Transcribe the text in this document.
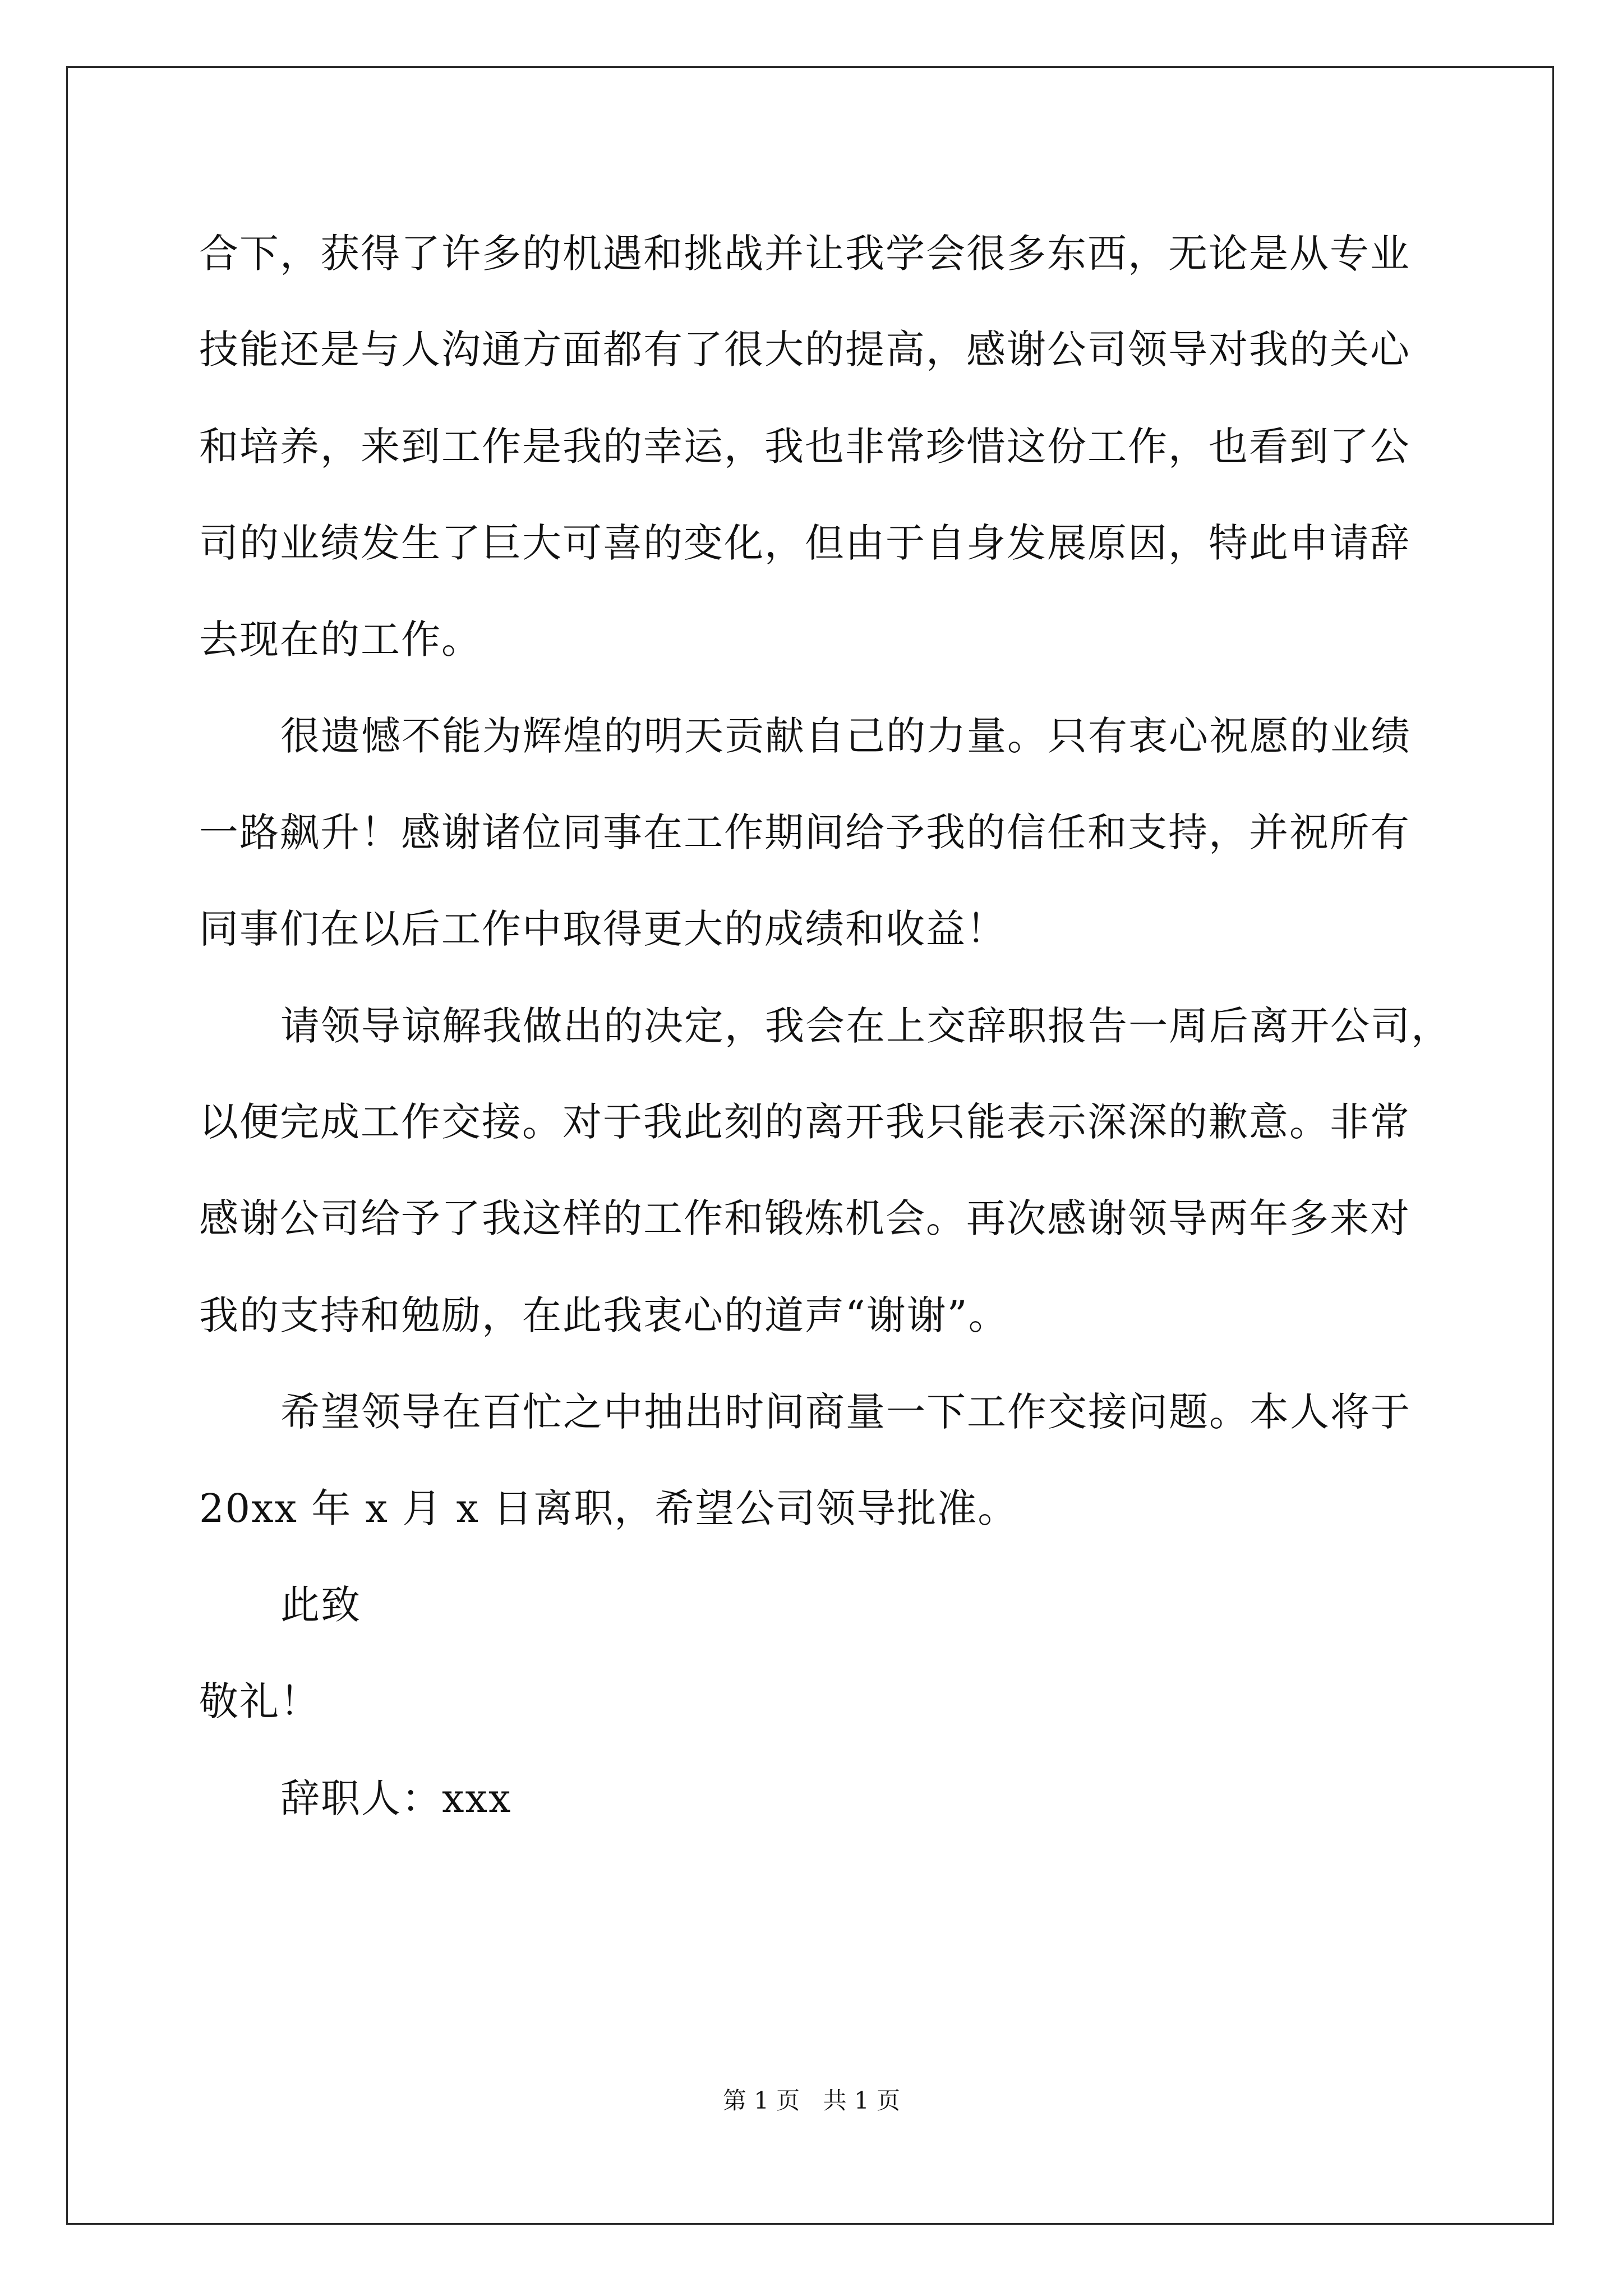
合下，获得了许多的机遇和挑战并让我学会很多东西，无论是从专业
技能还是与人沟通方面都有了很大的提高，感谢公司领导对我的关心
和培养，来到工作是我的幸运，我也非常珍惜这份工作，也看到了公
司的业绩发生了巨大可喜的变化，但由于自身发展原因，特此申请辞
去现在的工作。
很遗憾不能为辉煌的明天贡献自己的力量。只有衷心祝愿的业绩
一路飙升！感谢诸位同事在工作期间给予我的信任和支持，并祝所有
同事们在以后工作中取得更大的成绩和收益！
请领导谅解我做出的决定，我会在上交辞职报告一周后离开公司，
以便完成工作交接。对于我此刻的离开我只能表示深深的歉意。非常
感谢公司给予了我这样的工作和锻炼机会。再次感谢领导两年多来对
我的支持和勉励，在此我衷心的道声“谢谢”。
希望领导在百忙之中抽出时间商量一下工作交接问题。本人将于
20xx 年 x 月 x 日离职，希望公司领导批准。
此致
敬礼！
辞职人：xxx
第 1 页 共 1 页
